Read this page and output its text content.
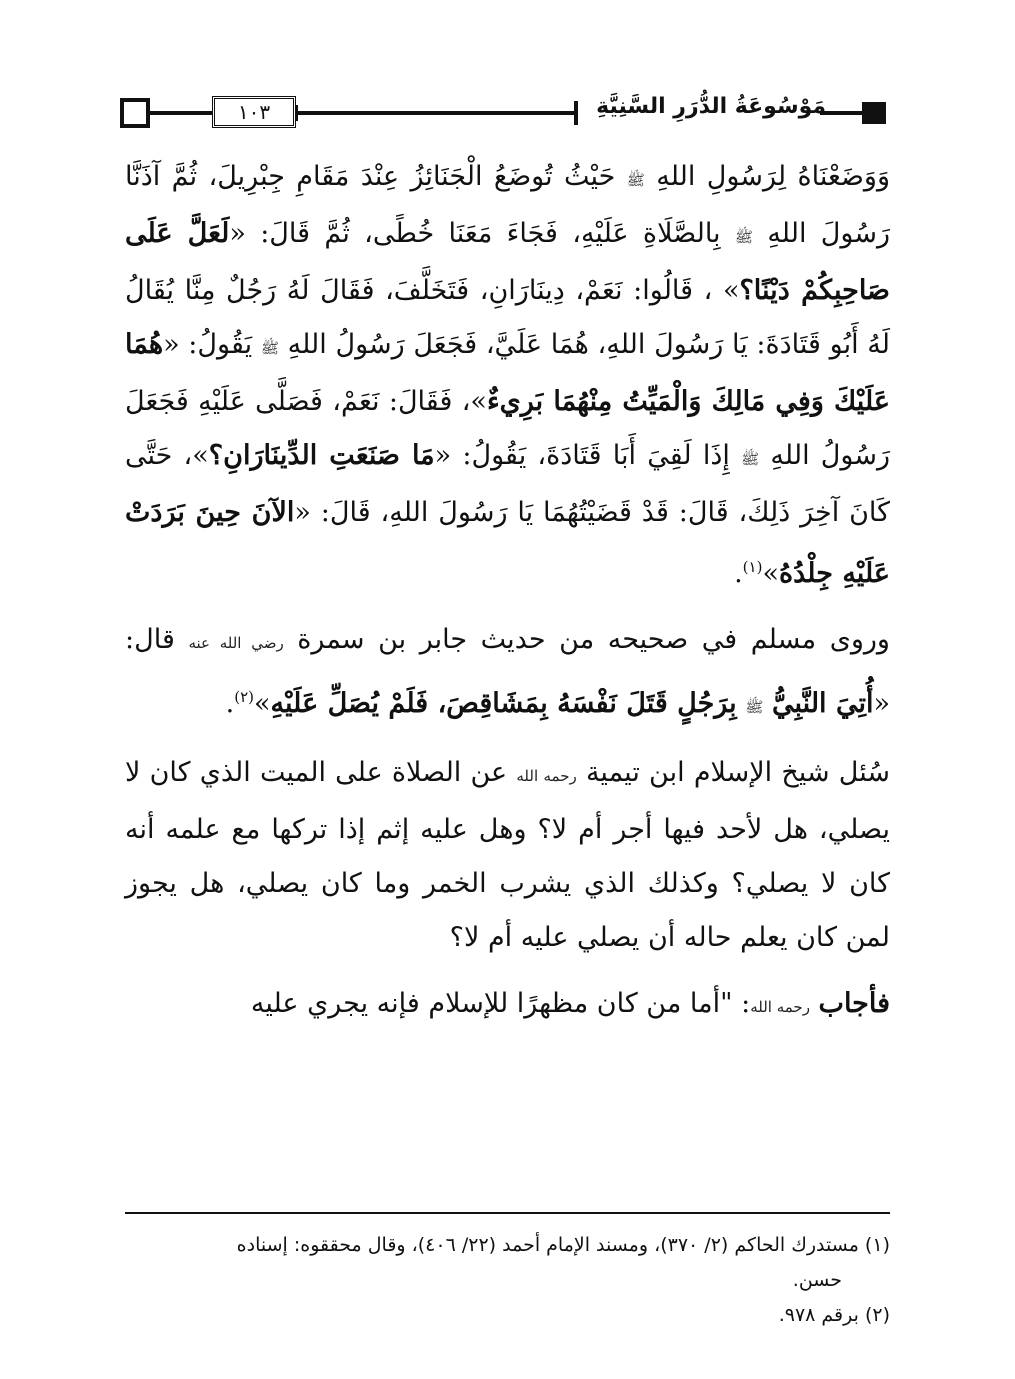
١٠٣	مَوْسُوعَةُ الدُّرَرِ السَّنِيَّةِ

وَوَضَعْنَاهُ لِرَسُولِ اللهِ ﷺ حَيْثُ تُوضَعُ الْجَنَائِزُ عِنْدَ مَقَامِ جِبْرِيلَ، ثُمَّ آذَنَّا رَسُولَ اللهِ ﷺ بِالصَّلَاةِ عَلَيْهِ، فَجَاءَ مَعَنَا خُطًى، ثُمَّ قَالَ: «لَعَلَّ عَلَى صَاحِبِكُمْ دَيْنًا؟» ، قَالُوا: نَعَمْ، دِينَارَانِ، فَتَخَلَّفَ، فَقَالَ لَهُ رَجُلٌ مِنَّا يُقَالُ لَهُ أَبُو قَتَادَةَ: يَا رَسُولَ اللهِ، هُمَا عَلَيَّ، فَجَعَلَ رَسُولُ اللهِ ﷺ يَقُولُ: «هُمَا عَلَيْكَ وَفِي مَالِكَ وَالْمَيِّتُ مِنْهُمَا بَرِيءٌ»، فَقَالَ: نَعَمْ، فَصَلَّى عَلَيْهِ فَجَعَلَ رَسُولُ اللهِ ﷺ إِذَا لَقِيَ أَبَا قَتَادَةَ، يَقُولُ: «مَا صَنَعَتِ الدِّينَارَانِ؟»، حَتَّى كَانَ آخِرَ ذَلِكَ، قَالَ: قَدْ قَضَيْتُهُمَا يَا رَسُولَ اللهِ، قَالَ: «الآنَ حِينَ بَرَدَتْ عَلَيْهِ جِلْدُهُ»$^{(١)}$.

وروى مسلم في صحيحه من حديث جابر بن سمرة رضي الله عنه قال: «أُتِيَ النَّبِيُّ ﷺ بِرَجُلٍ قَتَلَ نَفْسَهُ بِمَشَاقِصَ، فَلَمْ يُصَلِّ عَلَيْهِ»$^{(٢)}$.

سُئل شيخ الإسلام ابن تيمية رحمه الله عن الصلاة على الميت الذي كان لا يصلي، هل لأحد فيها أجر أم لا؟ وهل عليه إثم إذا تركها مع علمه أنه كان لا يصلي؟ وكذلك الذي يشرب الخمر وما كان يصلي، هل يجوز لمن كان يعلم حاله أن يصلي عليه أم لا؟

فأجاب رحمه الله: "أما من كان مظهرًا للإسلام فإنه يجري عليه

(١) مستدرك الحاكم (٢/ ٣٧٠)، ومسند الإمام أحمد (٢٢/ ٤٠٦)، وقال محققوه: إسناده

حسن.

(٢) برقم ٩٧٨.
